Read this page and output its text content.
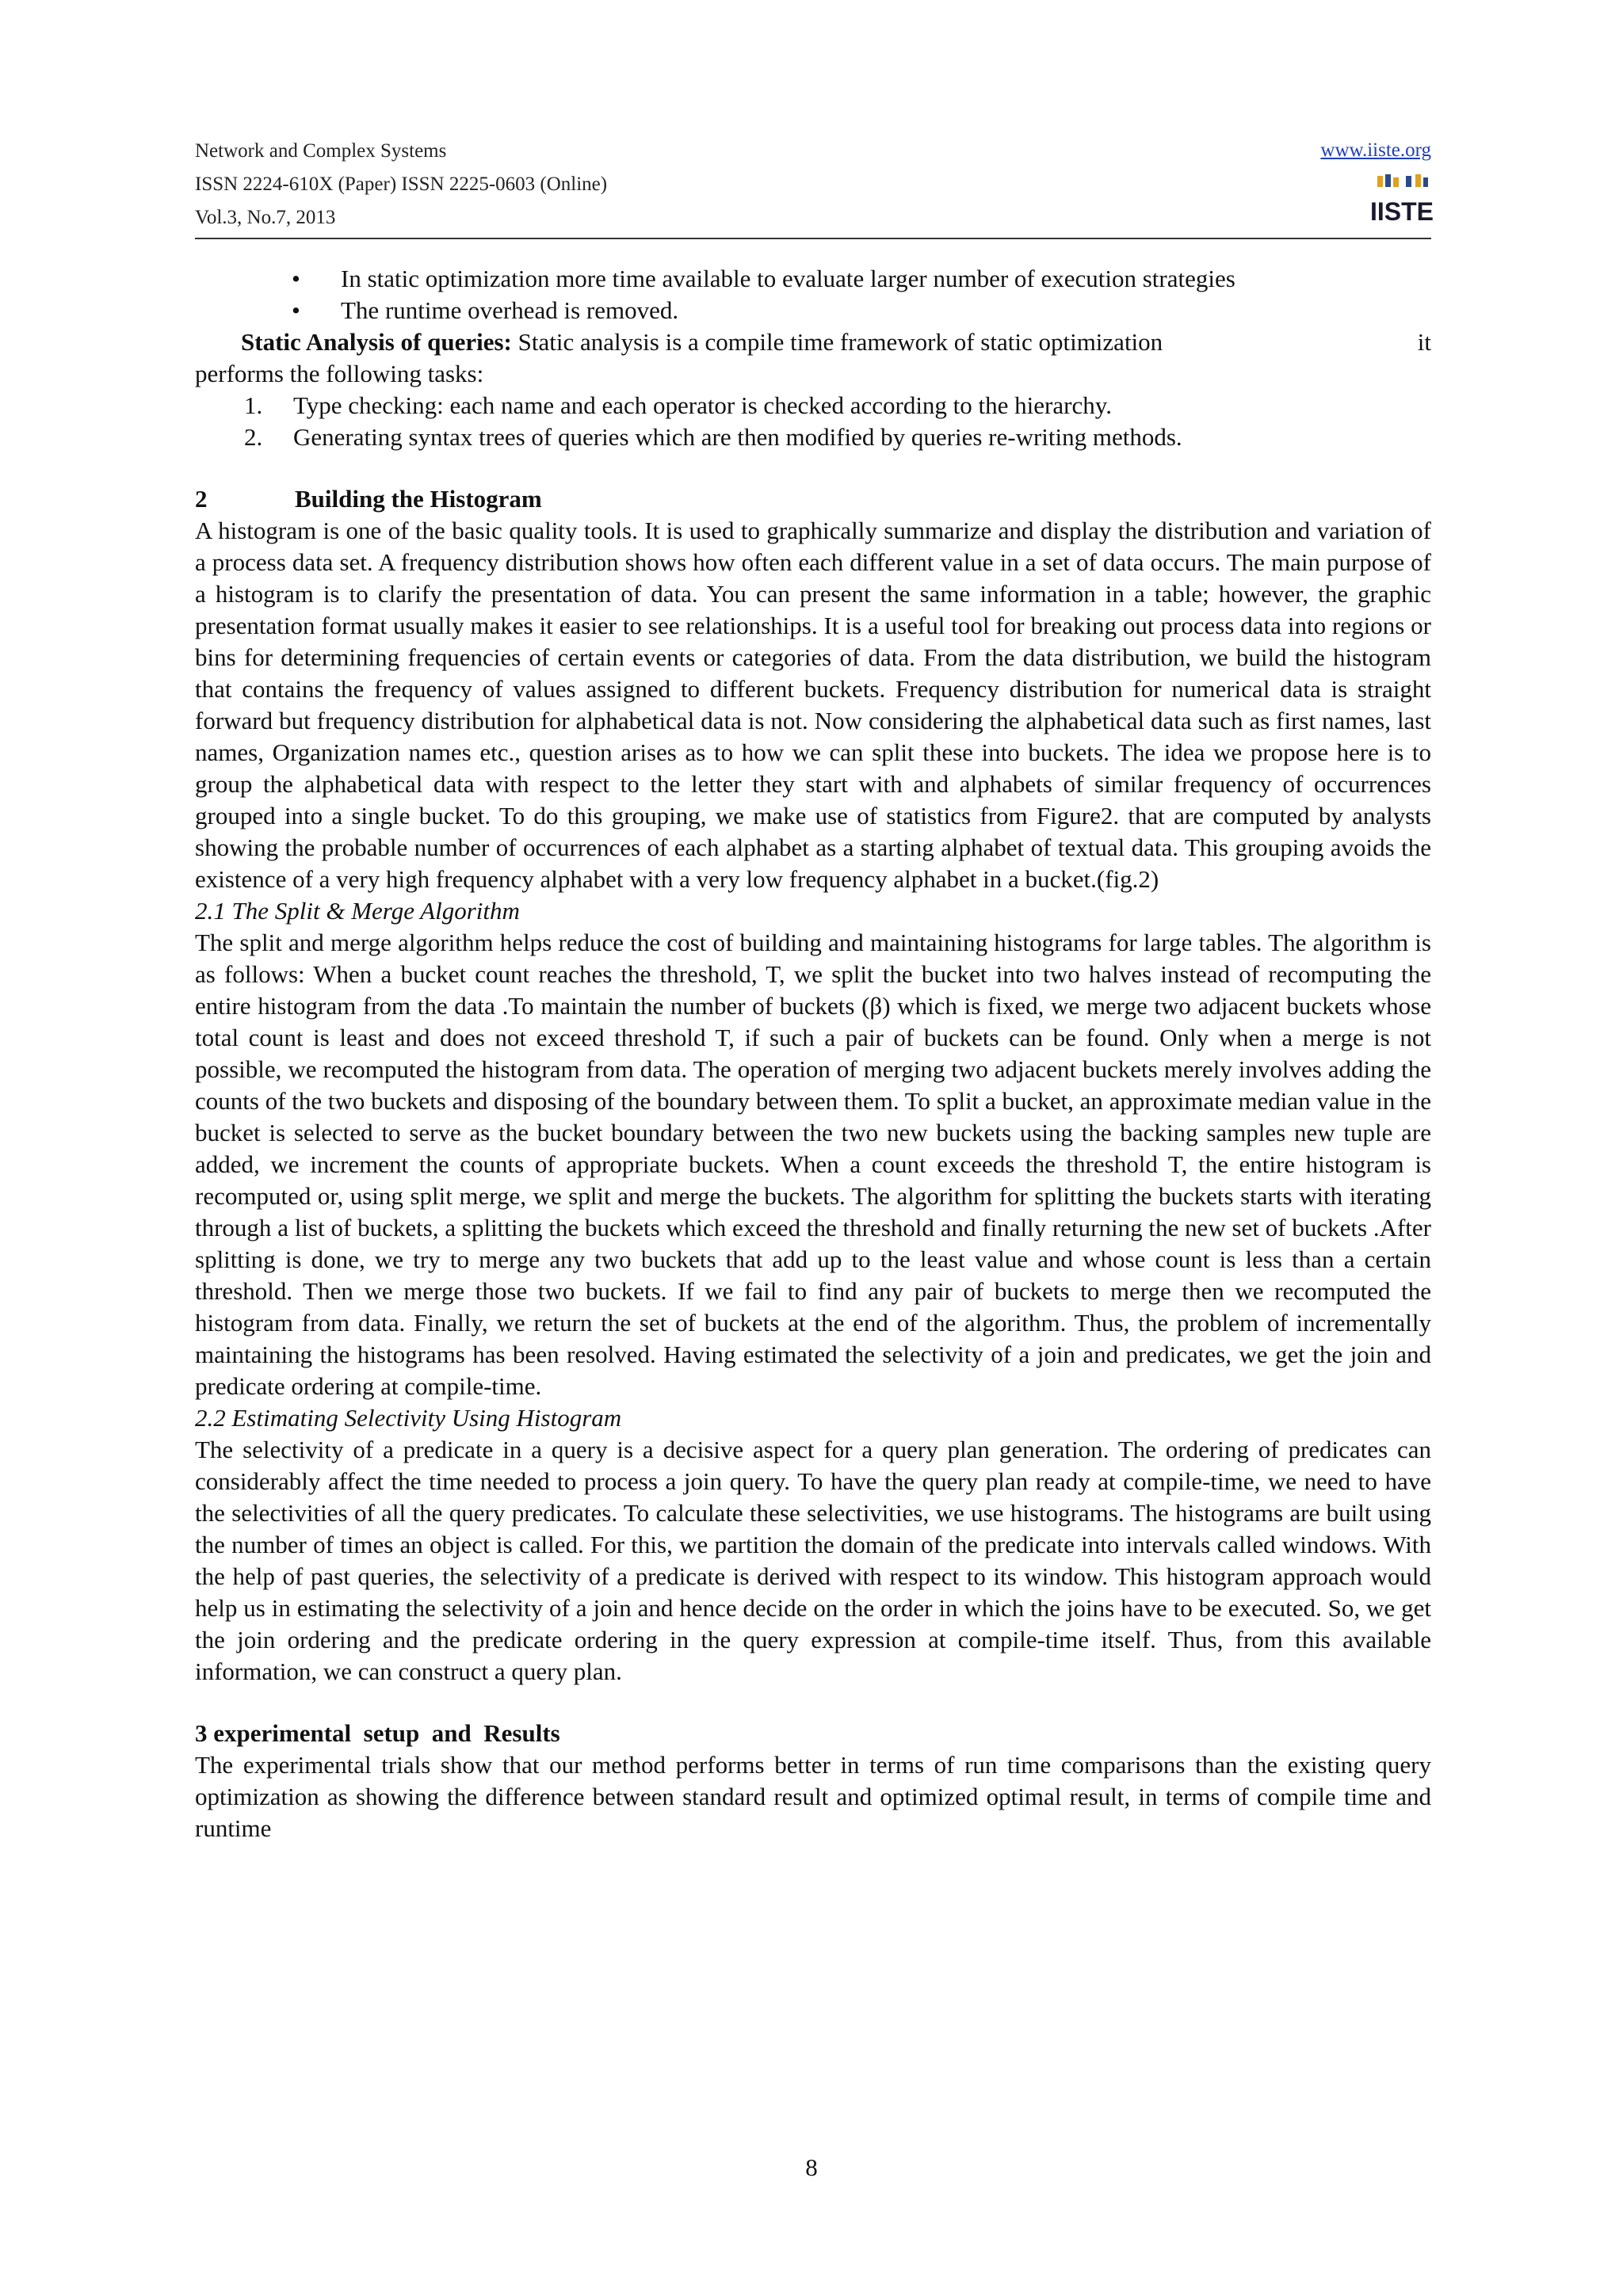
Network and Complex Systems
ISSN 2224-610X (Paper) ISSN 2225-0603 (Online)
Vol.3, No.7, 2013
www.iiste.org
IISTE
• In static optimization more time available to evaluate larger number of execution strategies
• The runtime overhead is removed.

Static Analysis of queries: Static analysis is a compile time framework of static optimization	it

performs the following tasks:

1. Type checking: each name and each operator is checked according to the hierarchy.
2. Generating syntax trees of queries which are then modified by queries re-writing methods.

2	Building the Histogram

A histogram is one of the basic quality tools. It is used to graphically summarize and display the distribution and variation of a process data set. A frequency distribution shows how often each different value in a set of data occurs. The main purpose of a histogram is to clarify the presentation of data. You can present the same information in a table; however, the graphic presentation format usually makes it easier to see relationships. It is a useful tool for breaking out process data into regions or bins for determining frequencies of certain events or categories of data. From the data distribution, we build the histogram that contains the frequency of values assigned to different buckets. Frequency distribution for numerical data is straight forward but frequency distribution for alphabetical data is not. Now considering the alphabetical data such as first names, last names, Organization names etc., question arises as to how we can split these into buckets. The idea we propose here is to group the alphabetical data with respect to the letter they start with and alphabets of similar frequency of occurrences grouped into a single bucket. To do this grouping, we make use of statistics from Figure2. that are computed by analysts showing the probable number of occurrences of each alphabet as a starting alphabet of textual data. This grouping avoids the existence of a very high frequency alphabet with a very low frequency alphabet in a bucket.(fig.2)

2.1 The Split & Merge Algorithm

The split and merge algorithm helps reduce the cost of building and maintaining histograms for large tables. The algorithm is as follows: When a bucket count reaches the threshold, T, we split the bucket into two halves instead of recomputing the entire histogram from the data .To maintain the number of buckets (β) which is fixed, we merge two adjacent buckets whose total count is least and does not exceed threshold T, if such a pair of buckets can be found. Only when a merge is not possible, we recomputed the histogram from data. The operation of merging two adjacent buckets merely involves adding the counts of the two buckets and disposing of the boundary between them. To split a bucket, an approximate median value in the bucket is selected to serve as the bucket boundary between the two new buckets using the backing samples new tuple are added, we increment the counts of appropriate buckets. When a count exceeds the threshold T, the entire histogram is recomputed or, using split merge, we split and merge the buckets. The algorithm for splitting the buckets starts with iterating through a list of buckets, a splitting the buckets which exceed the threshold and finally returning the new set of buckets .After splitting is done, we try to merge any two buckets that add up to the least value and whose count is less than a certain threshold. Then we merge those two buckets. If we fail to find any pair of buckets to merge then we recomputed the histogram from data. Finally, we return the set of buckets at the end of the algorithm. Thus, the problem of incrementally maintaining the histograms has been resolved. Having estimated the selectivity of a join and predicates, we get the join and predicate ordering at compile-time.

2.2 Estimating Selectivity Using Histogram

The selectivity of a predicate in a query is a decisive aspect for a query plan generation. The ordering of predicates can considerably affect the time needed to process a join query. To have the query plan ready at compile-time, we need to have the selectivities of all the query predicates. To calculate these selectivities, we use histograms. The histograms are built using the number of times an object is called. For this, we partition the domain of the predicate into intervals called windows. With the help of past queries, the selectivity of a predicate is derived with respect to its window. This histogram approach would help us in estimating the selectivity of a join and hence decide on the order in which the joins have to be executed. So, we get the join ordering and the predicate ordering in the query expression at compile-time itself. Thus, from this available information, we can construct a query plan.

3 experimental  setup  and  Results

The experimental trials show that our method performs better in terms of run time comparisons than the existing query optimization as showing the difference between standard result and optimized optimal result, in terms of compile time and runtime

8
